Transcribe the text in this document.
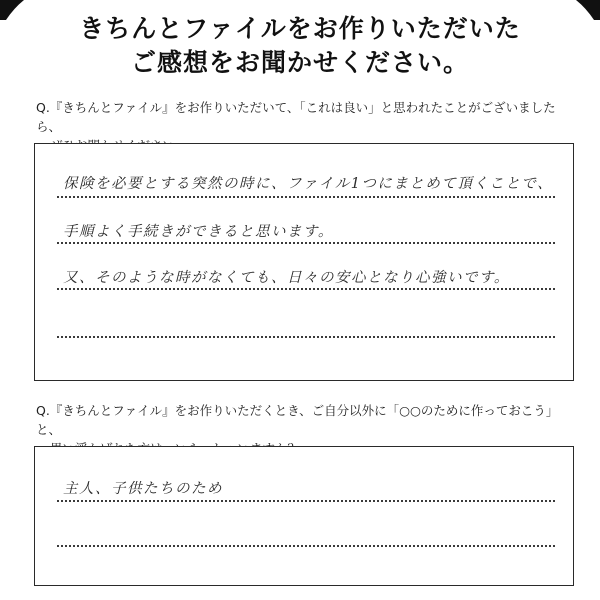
きちんとファイルをお作りいただいた
ご感想をお聞かせください。
Q.『きちんとファイル』をお作りいただいて、「これは良い」と思われたことがございましたら、
保険を必要とする突然の時に、ファイル1つにまとめて頂くことで、
手順よく手続きができると思います。
又、そのような時がなくても、日々の安心となり心強いです。
Q.『きちんとファイル』をお作りいただくとき、ご自分以外に「○○のために作っておこう」と、
主人、子供たちのため
